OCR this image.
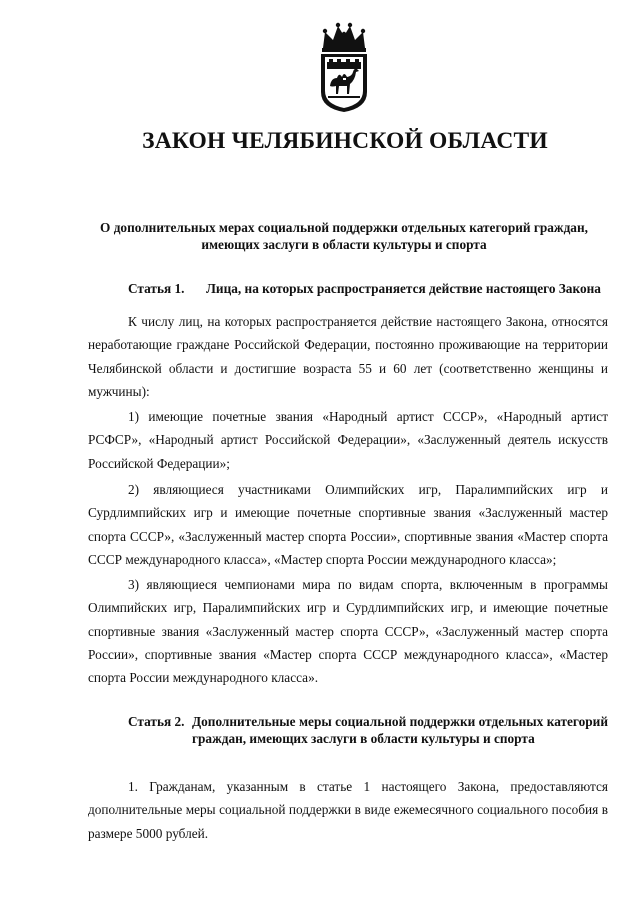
ЗАКОН ЧЕЛЯБИНСКОЙ ОБЛАСТИ

О дополнительных мерах социальной поддержки отдельных категорий граждан, имеющих заслуги в области культуры и спорта

Статья 1. Лица, на которых распространяется действие настоящего Закона

К числу лиц, на которых распространяется действие настоящего Закона, относятся неработающие граждане Российской Федерации, постоянно проживающие на территории Челябинской области и достигшие возраста 55 и 60 лет (соответственно женщины и мужчины):

1) имеющие почетные звания «Народный артист СССР», «Народный артист РСФСР», «Народный артист Российской Федерации», «Заслуженный деятель искусств Российской Федерации»;

2) являющиеся участниками Олимпийских игр, Паралимпийских игр и Сурдлимпийских игр и имеющие почетные спортивные звания «Заслуженный мастер спорта СССР», «Заслуженный мастер спорта России», спортивные звания «Мастер спорта СССР международного класса», «Мастер спорта России международного класса»;

3) являющиеся чемпионами мира по видам спорта, включенным в программы Олимпийских игр, Паралимпийских игр и Сурдлимпийских игр, и имеющие почетные спортивные звания «Заслуженный мастер спорта СССР», «Заслуженный мастер спорта России», спортивные звания «Мастер спорта СССР международного класса», «Мастер спорта России международного класса».

Статья 2. Дополнительные меры социальной поддержки отдельных категорий граждан, имеющих заслуги в области культуры и спорта

1. Гражданам, указанным в статье 1 настоящего Закона, предоставляются дополнительные меры социальной поддержки в виде ежемесячного социального пособия в размере 5000 рублей.
